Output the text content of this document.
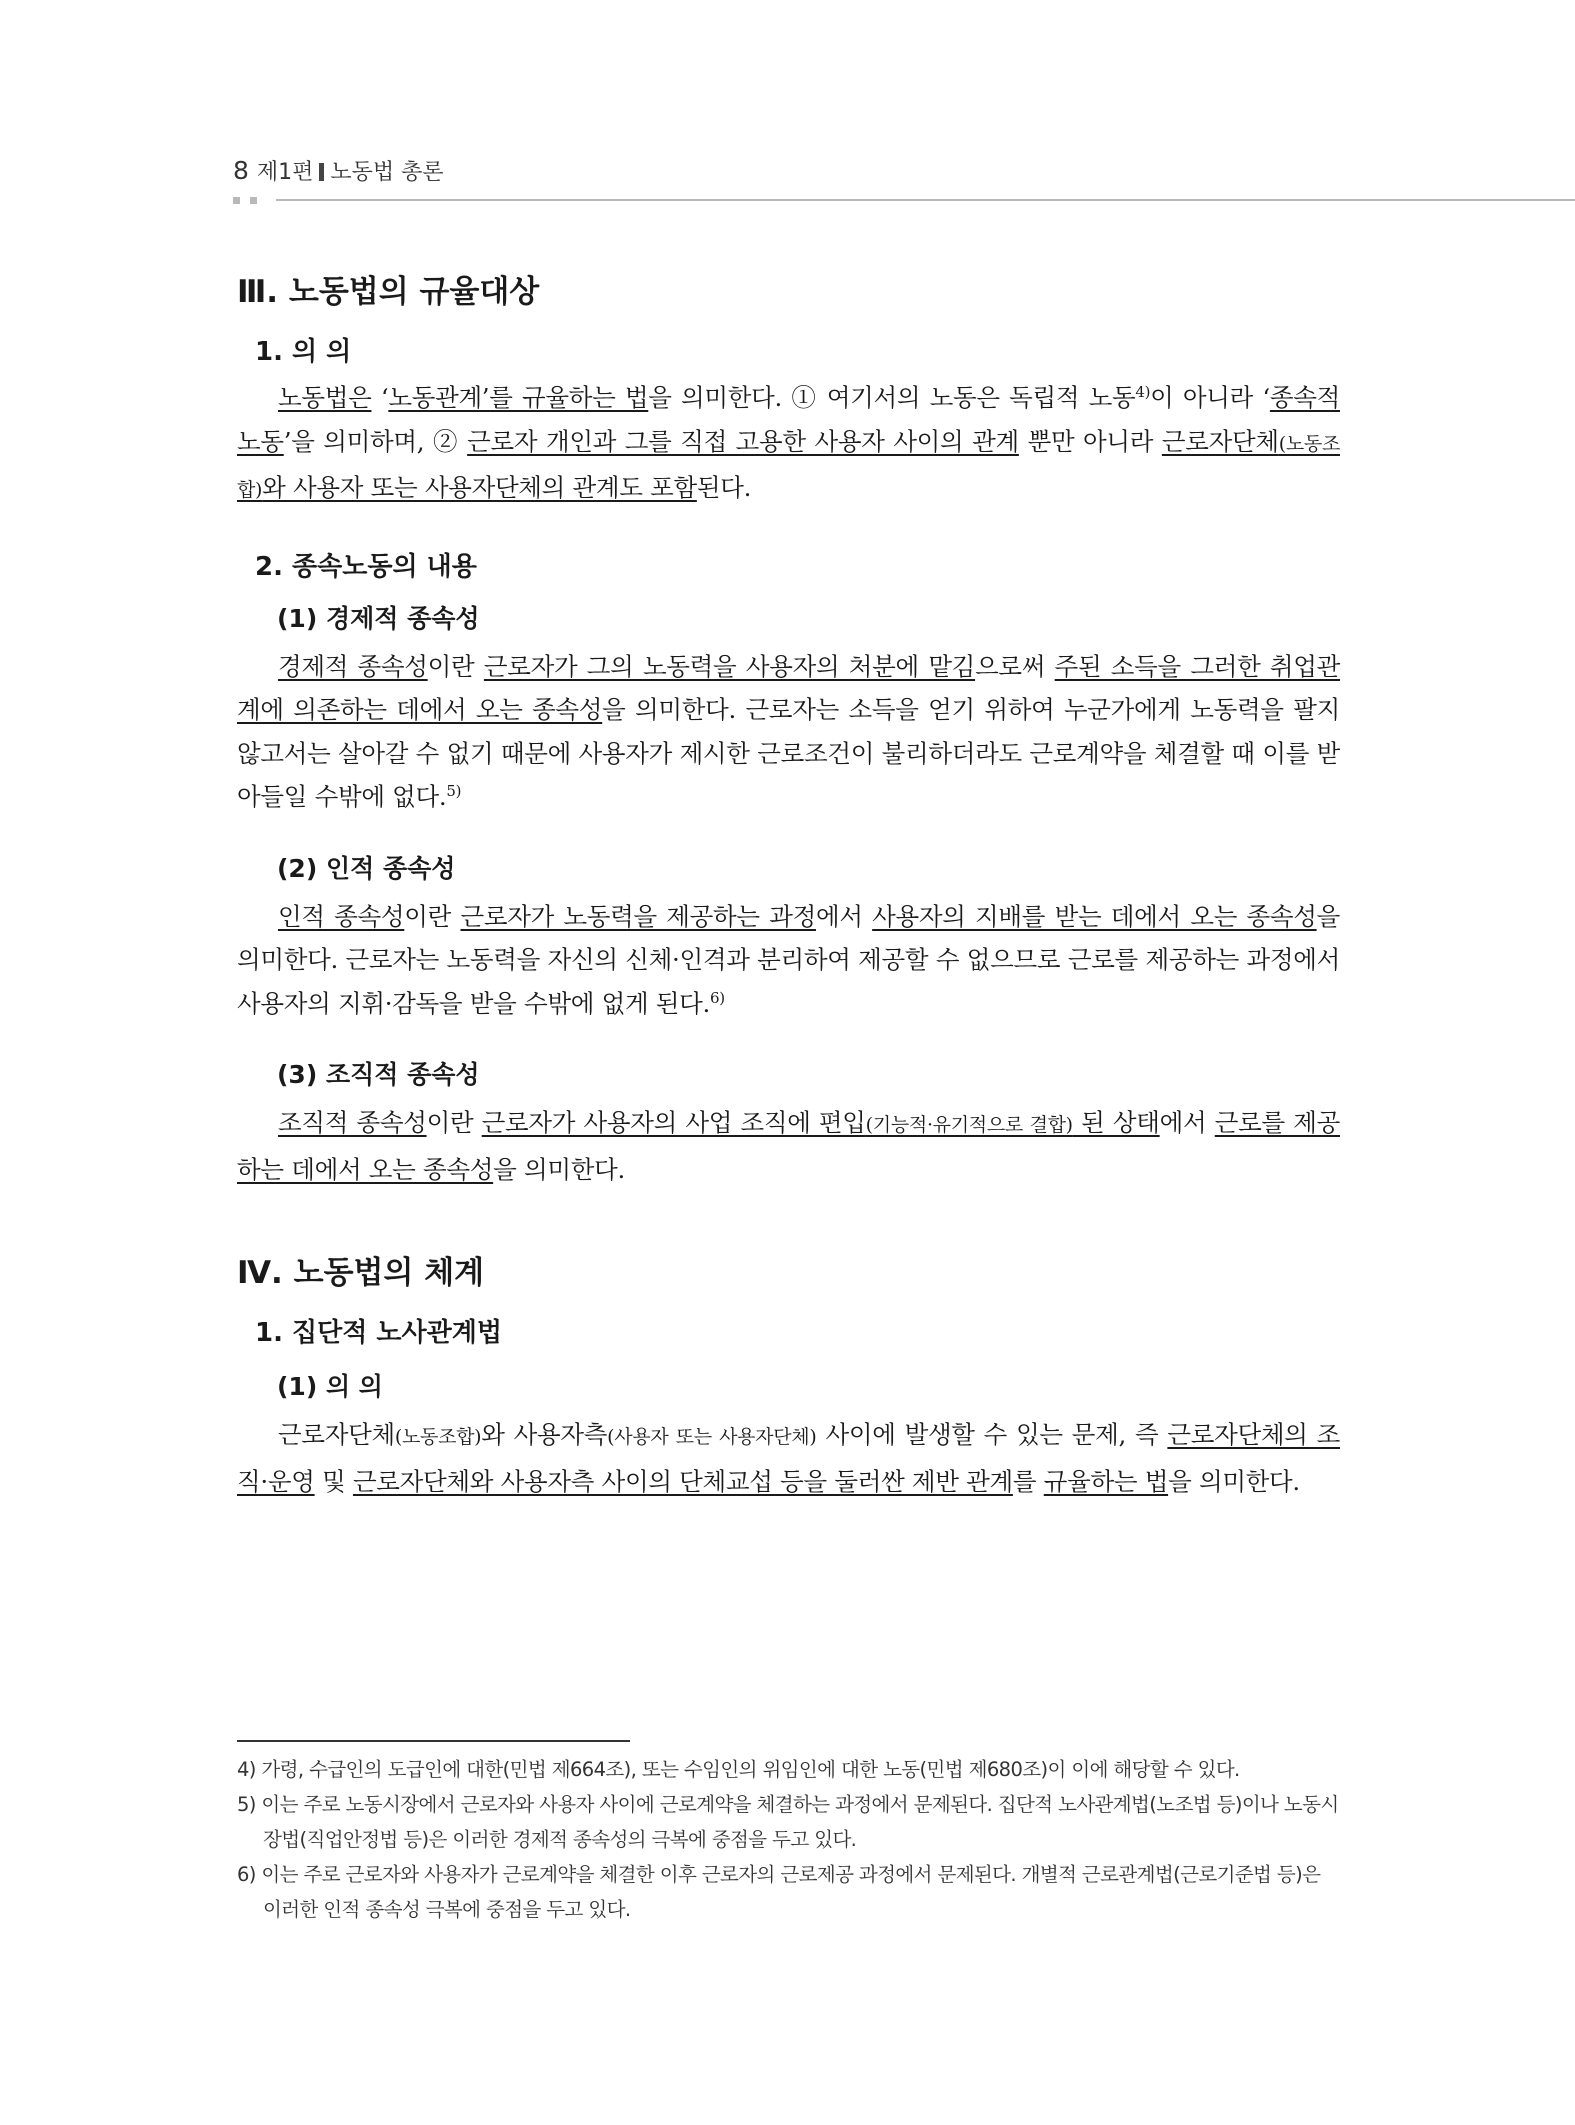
8 제1편 노동법 총론
Ⅲ. 노동법의 규율대상
1. 의 의

노동법은 ‘노동관계’를 규율하는 법을 의미한다. ① 여기서의 노동은 독립적 노동$^{4)}$이 아니라 ‘종속적 노동’을 의미하며, ② 근로자 개인과 그를 직접 고용한 사용자 사이의 관계 뿐만 아니라 근로자단체(노동조합)와 사용자 또는 사용자단체의 관계도 포함된다.

2. 종속노동의 내용
(1) 경제적 종속성

경제적 종속성이란 근로자가 그의 노동력을 사용자의 처분에 맡김으로써 주된 소득을 그러한 취업관계에 의존하는 데에서 오는 종속성을 의미한다. 근로자는 소득을 얻기 위하여 누군가에게 노동력을 팔지 않고서는 살아갈 수 없기 때문에 사용자가 제시한 근로조건이 불리하더라도 근로계약을 체결할 때 이를 받아들일 수밖에 없다.$^{5)}$

(2) 인적 종속성

인적 종속성이란 근로자가 노동력을 제공하는 과정에서 사용자의 지배를 받는 데에서 오는 종속성을 의미한다. 근로자는 노동력을 자신의 신체·인격과 분리하여 제공할 수 없으므로 근로를 제공하는 과정에서 사용자의 지휘·감독을 받을 수밖에 없게 된다.$^{6)}$

(3) 조직적 종속성

조직적 종속성이란 근로자가 사용자의 사업 조직에 편입(기능적·유기적으로 결합) 된 상태에서 근로를 제공하는 데에서 오는 종속성을 의미한다.

Ⅳ. 노동법의 체계
1. 집단적 노사관계법
(1) 의 의

근로자단체(노동조합)와 사용자측(사용자 또는 사용자단체) 사이에 발생할 수 있는 문제, 즉 근로자단체의 조직·운영 및 근로자단체와 사용자측 사이의 단체교섭 등을 둘러싼 제반 관계를 규율하는 법을 의미한다.

4) 가령, 수급인의 도급인에 대한(민법 제664조), 또는 수임인의 위임인에 대한 노동(민법 제680조)이 이에 해당할 수 있다.
5) 이는 주로 노동시장에서 근로자와 사용자 사이에 근로계약을 체결하는 과정에서 문제된다. 집단적 노사관계법(노조법 등)이나 노동시장법(직업안정법 등)은 이러한 경제적 종속성의 극복에 중점을 두고 있다.
6) 이는 주로 근로자와 사용자가 근로계약을 체결한 이후 근로자의 근로제공 과정에서 문제된다. 개별적 근로관계법(근로기준법 등)은 이러한 인적 종속성 극복에 중점을 두고 있다.
